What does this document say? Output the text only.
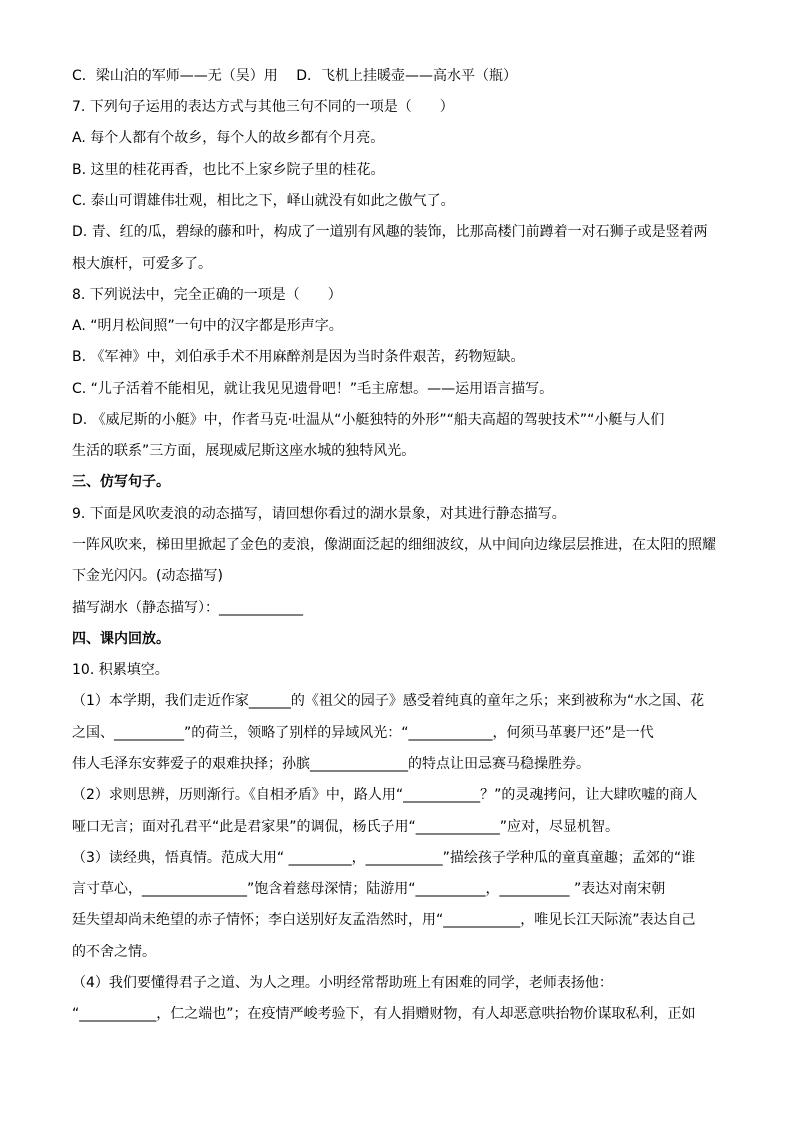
C．梁山泊的军师——无（吴）用　 D．飞机上挂暖壶——高水平（瓶）
7. 下列句子运用的表达方式与其他三句不同的一项是（　　）
A. 每个人都有个故乡，每个人的故乡都有个月亮。
B. 这里的桂花再香，也比不上家乡院子里的桂花。
C. 泰山可谓雄伟壮观，相比之下，峄山就没有如此之傲气了。
D. 青、红的瓜，碧绿的藤和叶，构成了一道别有风趣的装饰，比那高楼门前蹲着一对石狮子或是竖着两
根大旗杆，可爱多了。
8. 下列说法中，完全正确的一项是（　　）
A. “明月松间照”一句中的汉字都是形声字。
B. 《军神》中，刘伯承手术不用麻醉剂是因为当时条件艰苦，药物短缺。
C. “儿子活着不能相见，就让我见见遗骨吧！”毛主席想。——运用语言描写。
D. 《威尼斯的小艇》中，作者马克·吐温从“小艇独特的外形”“船夫高超的驾驶技术”“小艇与人们
生活的联系”三方面，展现威尼斯这座水城的独特风光。
三、仿写句子。
9. 下面是风吹麦浪的动态描写，请回想你看过的湖水景象，对其进行静态描写。
一阵风吹来，梯田里掀起了金色的麦浪，像湖面泛起的细细波纹，从中间向边缘层层推进，在太阳的照耀
下金光闪闪。(动态描写)
描写湖水（静态描写）：____________
四、课内回放。
10. 积累填空。
（1）本学期，我们走近作家______的《祖父的园子》感受着纯真的童年之乐；来到被称为“水之国、花
之国、__________”的荷兰，领略了别样的异域风光：“____________，何须马革裹尸还”是一代
伟人毛泽东安葬爱子的艰难抉择；孙膑______________的特点让田忌赛马稳操胜券。
（2）求则思辨，历则渐行。《自相矛盾》中，路人用“___________？”的灵魂拷问，让大肆吹嘘的商人
哑口无言；面对孔君平“此是君家果”的调侃，杨氏子用“____________”应对，尽显机智。
（3）读经典，悟真情。范成大用“ _________，___________”描绘孩子学种瓜的童真童趣；孟郊的“谁
言寸草心，_______________”饱含着慈母深情；陆游用“__________，__________ ”表达对南宋朝
廷失望却尚未绝望的赤子情怀；李白送别好友孟浩然时，用“___________，唯见长江天际流”表达自己
的不舍之情。
（4）我们要懂得君子之道、为人之理。小明经常帮助班上有困难的同学，老师表扬他：
“___________，仁之端也”；在疫情严峻考验下，有人捐赠财物，有人却恶意哄抬物价谋取私利，正如
